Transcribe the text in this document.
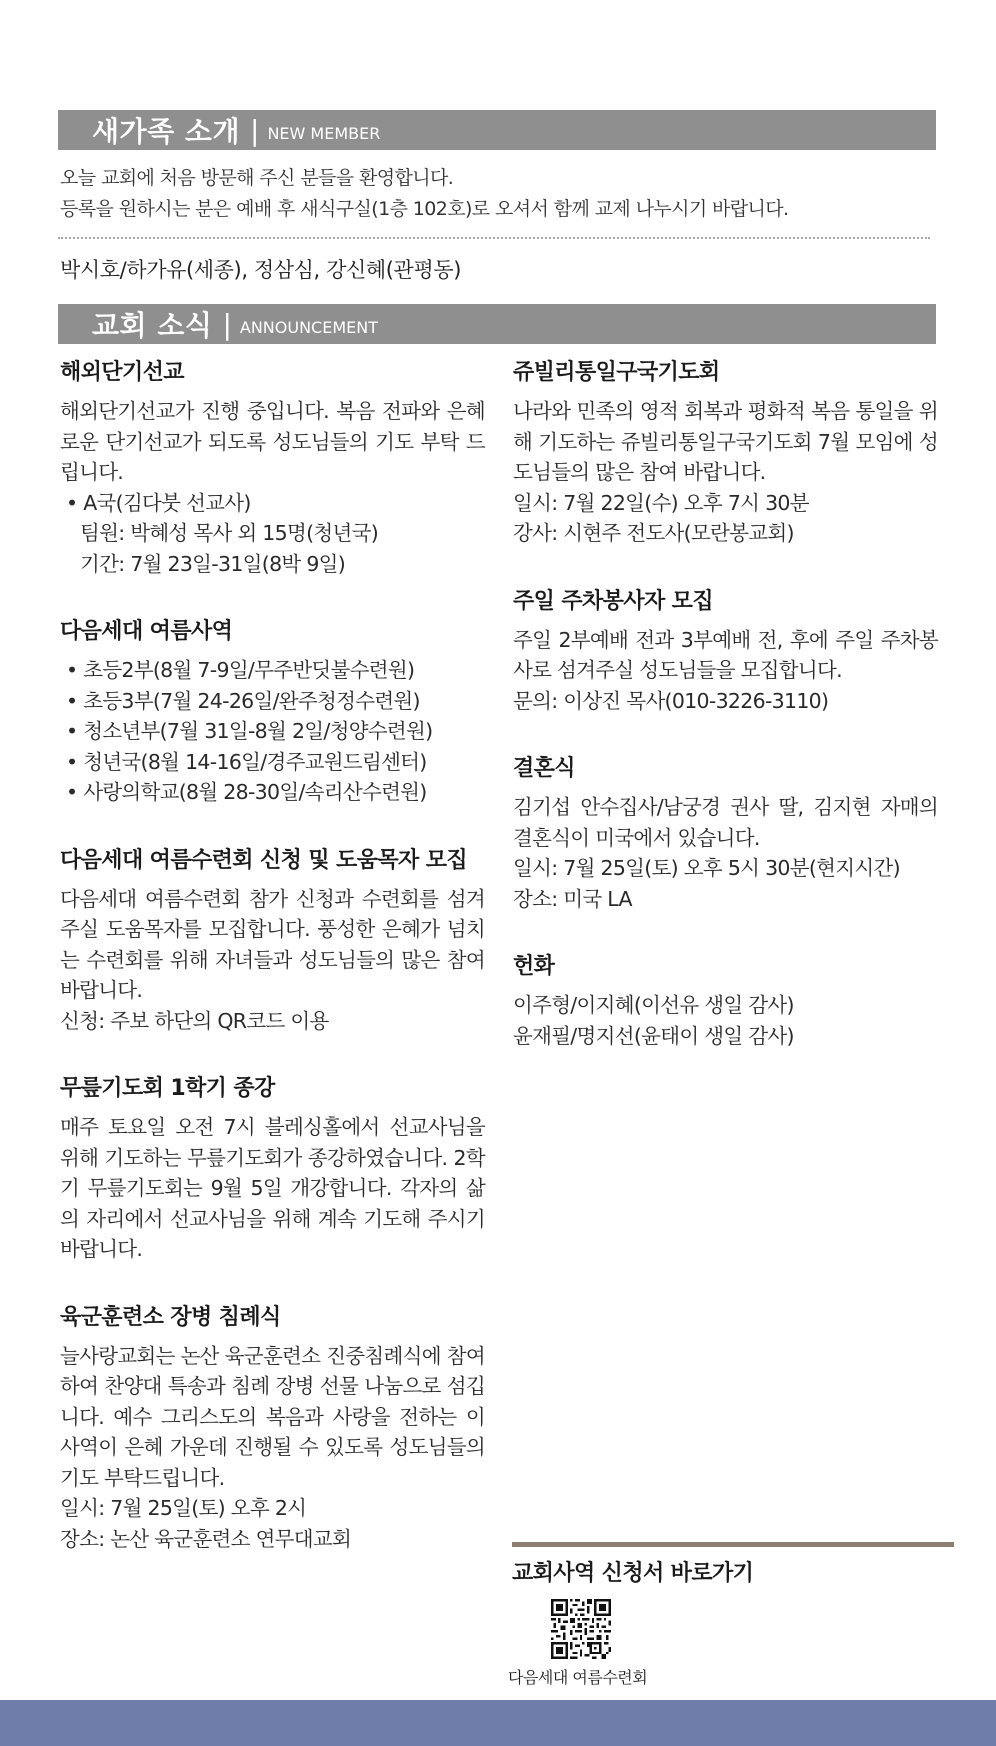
새가족 소개 | NEW MEMBER
오늘 교회에 처음 방문해 주신 분들을 환영합니다.
등록을 원하시는 분은 예배 후 새식구실(1층 102호)로 오셔서 함께 교제 나누시기 바랍니다.
박시호/하가유(세종), 정삼심, 강신혜(관평동)
교회 소식 | ANNOUNCEMENT
해외단기선교
해외단기선교가 진행 중입니다. 복음 전파와 은혜로운 단기선교가 되도록 성도님들의 기도 부탁 드립니다.
• A국(김다붓 선교사)
팀원: 박혜성 목사 외 15명(청년국)
기간: 7월 23일-31일(8박 9일)
다음세대 여름사역
• 초등2부(8월 7-9일/무주반딧불수련원)
• 초등3부(7월 24-26일/완주청정수련원)
• 청소년부(7월 31일-8월 2일/청양수련원)
• 청년국(8월 14-16일/경주교원드림센터)
• 사랑의학교(8월 28-30일/속리산수련원)
다음세대 여름수련회 신청 및 도움목자 모집
다음세대 여름수련회 참가 신청과 수련회를 섬겨주실 도움목자를 모집합니다. 풍성한 은혜가 넘치는 수련회를 위해 자녀들과 성도님들의 많은 참여 바랍니다.
신청: 주보 하단의 QR코드 이용
무릎기도회 1학기 종강
매주 토요일 오전 7시 블레싱홀에서 선교사님을 위해 기도하는 무릎기도회가 종강하였습니다. 2학기 무릎기도회는 9월 5일 개강합니다. 각자의 삶의 자리에서 선교사님을 위해 계속 기도해 주시기 바랍니다.
육군훈련소 장병 침례식
늘사랑교회는 논산 육군훈련소 진중침례식에 참여하여 찬양대 특송과 침례 장병 선물 나눔으로 섬깁니다. 예수 그리스도의 복음과 사랑을 전하는 이 사역이 은혜 가운데 진행될 수 있도록 성도님들의 기도 부탁드립니다.
일시: 7월 25일(토) 오후 2시
장소: 논산 육군훈련소 연무대교회
쥬빌리통일구국기도회
나라와 민족의 영적 회복과 평화적 복음 통일을 위해 기도하는 쥬빌리통일구국기도회 7월 모임에 성도님들의 많은 참여 바랍니다.
일시: 7월 22일(수) 오후 7시 30분
강사: 시현주 전도사(모란봉교회)
주일 주차봉사자 모집
주일 2부예배 전과 3부예배 전, 후에 주일 주차봉사로 섬겨주실 성도님들을 모집합니다.
문의: 이상진 목사(010-3226-3110)
결혼식
김기섭 안수집사/남궁경 권사 딸, 김지현 자매의 결혼식이 미국에서 있습니다.
일시: 7월 25일(토) 오후 5시 30분(현지시간)
장소: 미국 LA
헌화
이주형/이지혜(이선유 생일 감사)
윤재필/명지선(윤태이 생일 감사)
교회사역 신청서 바로가기
다음세대 여름수련회
